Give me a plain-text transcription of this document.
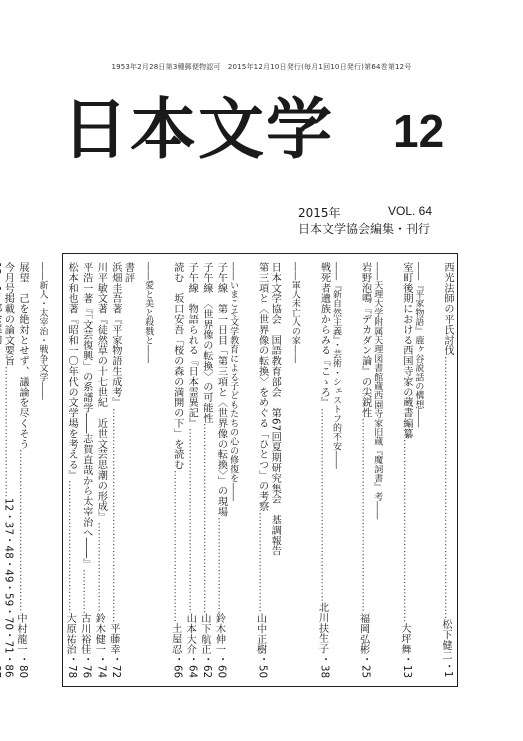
1953年2月28日第3種郵便物認可　2015年12月10日発行(毎月1回10日発行)第64巻第12号
日本文学 12
2015年	VOL. 64
日本文学協会編集・刊行
西光法師の平氏討伐
…………………………………………………………………………………………………………
松下健二
・
1
――『平家物語』鹿ヶ谷説話の構想――
室町後期における西国寺家の蔵書編纂
…………………………………………………………………………………………………………
大坪舞
・
13
――天理大学附属天理図書館蔵西園寺家旧蔵『魔詞書』考――
岩野泡鳴『デカダン論』の尖鋭性
…………………………………………………………………………………………………………
福岡弘彬
・
25
――『新自然主義』・芸術・シェストフ的不安――
戦死者遺族からみる『こゝろ』
…………………………………………………………………………………………………………
北川扶生子
・
38
――軍人未亡人の家――
日本文学協会　国語教育部会　第67回夏期研究集会　基調報告
第三項と〈世界像の転換〉をめぐる「ひとつ」の考察
…………………………………………………………………………………………………………
山中正樹
・
50
――いまこそ文学教育による子どもたちの心の修復を――
子午線　第一日目「第三項と〈世界像の転換〉」の現場
…………………………………………………………………………………………………………
鈴木伸一
・
60
子午線　〈世界像の転換〉の可能性
…………………………………………………………………………………………………………
山下航正
・
62
子午線　物語られる『日本霊異記』
…………………………………………………………………………………………………………
山本大介
・
64
読む　坂口安吾「桜の森の満開の下」を読む
…………………………………………………………………………………………………………
土屋忍
・
66
――愛と美と殺戮と――
書評
浜畑圭吾著『平家物語生成考』
…………………………………………………………………………………………………………
平藤幸
・
72
川平敏文著『徒然草の十七世紀　近世文芸思潮の形成』
…………………………………………………………………………………………………………
鈴木健一
・
74
平浩一著『「文芸復興」の系譜学――志賀直哉から太宰治へ――』
…………………………………………………………………………………………………………
古川裕佳
・
76
松本和也著『昭和一〇年代の文学場を考える』
…………………………………………………………………………………………………………
大原祐治
・
78
――新人・太宰治・戦争文学――
展望　己を絶対とせず、議論を尽くそう
…………………………………………………………………………………………………………
中村龍一
・
80
今月号掲載の論文要旨
…………………………………………………………………………………………………………
12・37・48・49・59・70・71・86
…………………………………………………………………………………………………………
